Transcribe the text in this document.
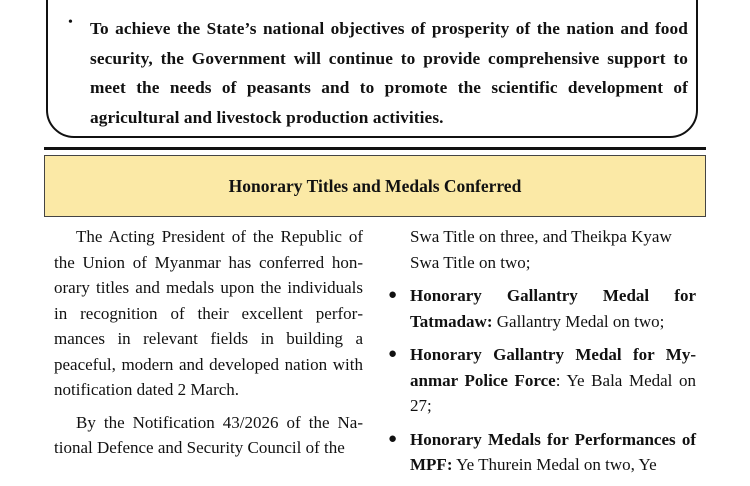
• To achieve the State’s national objectives of prosperity of the nation and food security, the Government will continue to provide comprehensive support to meet the needs of peasants and to promote the scientific development of agricultural and livestock production activities.
Honorary Titles and Medals Conferred

The Acting President of the Republic of the Union of Myanmar has conferred honorary titles and medals upon the individuals in recognition of their excellent performances in relevant fields in building a peaceful, modern and developed nation with notification dated 2 March.

By the Notification 43/2026 of the National Defence and Security Council of the

Swa Title on three, and Theikpa Kyaw Swa Title on two;

● Honorary Gallantry Medal for Tatmadaw: Gallantry Medal on two;
● Honorary Gallantry Medal for Myanmar Police Force: Ye Bala Medal on 27;
● Honorary Medals for Performances of MPF: Ye Thurein Medal on two, Ye
